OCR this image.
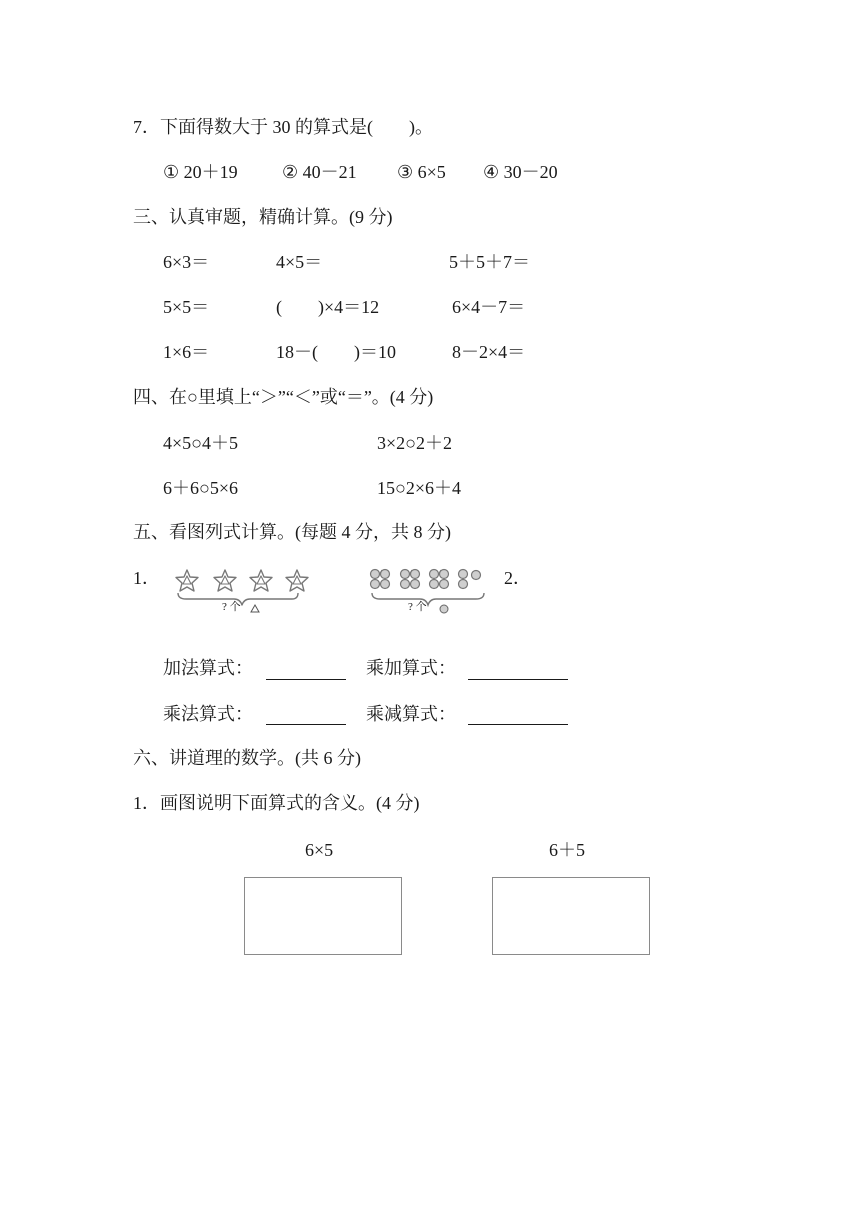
7．下面得数大于 30 的算式是(　　)。
① 20＋19 ② 40－21 ③ 6×5 ④ 30－20
三、认真审题，精确计算。(9 分)
6×3＝	4×5＝	5＋5＋7＝
5×5＝	(　　)×4＝12	6×4－7＝
1×6＝	18－(　　)＝10	8－2×4＝
四、在○里填上“＞”“＜”或“＝”。(4 分)
4×5○4＋5	3×2○2＋2
6＋6○5×6	15○2×6＋4
五、看图列式计算。(每题 4 分，共 8 分)
1．	2．
? 个	? 个
加法算式：	乘加算式：
乘法算式：	乘减算式：
六、讲道理的数学。(共 6 分)
1．画图说明下面算式的含义。(4 分)
6×5	6＋5
